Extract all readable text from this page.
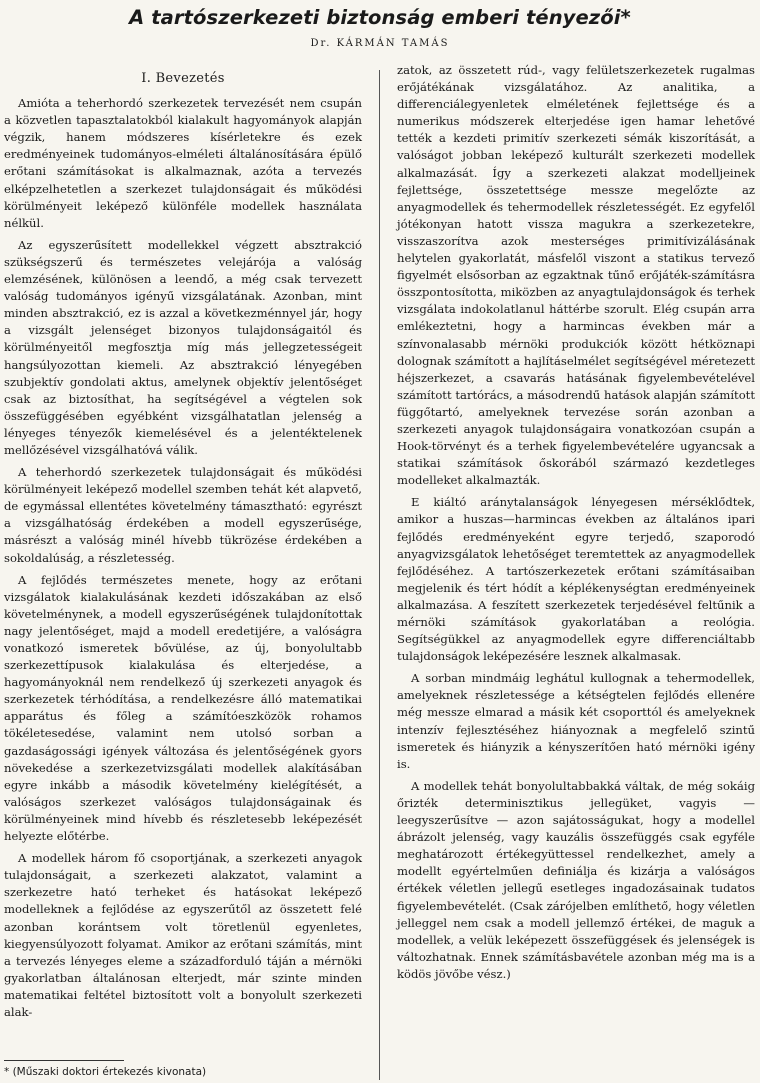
A tartószerkezeti biztonság emberi tényezői*
Dr. KÁRMÁN TAMÁS
I. Bevezetés

Amióta a teherhordó szerkezetek tervezését nem csupán a közvetlen tapasztalatokból kialakult hagyományok alapján végzik, hanem módszeres kísérletekre és ezek eredményeinek tudományos-elméleti általánosítására épülő erőtani számításokat is alkalmaznak, azóta a tervezés elképzelhetetlen a szerkezet tulajdonságait és működési körülményeit leképező különféle modellek használata nélkül.

Az egyszerűsített modellekkel végzett absztrakció szükségszerű és természetes velejárója a valóság elemzésének, különösen a leendő, a még csak tervezett valóság tudományos igényű vizsgálatának. Azonban, mint minden absztrakció, ez is azzal a következménnyel jár, hogy a vizsgált jelenséget bizonyos tulajdonságaitól és körülményeitől megfosztja míg más jellegzetességeit hangsúlyozottan kiemeli. Az absztrakció lényegében szubjektív gondolati aktus, amelynek objektív jelentőséget csak az biztosíthat, ha segítségével a végtelen sok összefüggésében egyébként vizsgálhatatlan jelenség a lényeges tényezők kiemelésével és a jelentéktelenek mellőzésével vizsgálhatóvá válik.

A teherhordó szerkezetek tulajdonságait és működési körülményeit leképező modellel szemben tehát két alapvető, de egymással ellentétes követelmény támasztható: egyrészt a vizsgálhatóság érdekében a modell egyszerűsége, másrészt a valóság minél hívebb tükrözése érdekében a sokoldalúság, a részletesség.

A fejlődés természetes menete, hogy az erőtani vizsgálatok kialakulásának kezdeti időszakában az első követelménynek, a modell egyszerűségének tulajdonítottak nagy jelentőséget, majd a modell eredetijére, a valóságra vonatkozó ismeretek bővülése, az új, bonyolultabb szerkezettípusok kialakulása és elterjedése, a hagyományoknál nem rendelkező új szerkezeti anyagok és szerkezetek térhódítása, a rendelkezésre álló matematikai apparátus és főleg a számítóeszközök rohamos tökéletesedése, valamint nem utolsó sorban a gazdaságossági igények változása és jelentőségének gyors növekedése a szerkezetvizsgálati modellek alakításában egyre inkább a második követelmény kielégítését, a valóságos szerkezet valóságos tulajdonságainak és körülményeinek mind hívebb és részletesebb leképezését helyezte előtérbe.

A modellek három fő csoportjának, a szerkezeti anyagok tulajdonságait, a szerkezeti alakzatot, valamint a szerkezetre ható terheket és hatásokat leképező modelleknek a fejlődése az egyszerűtől az összetett felé azonban korántsem volt töretlenül egyenletes, kiegyensúlyozott folyamat. Amikor az erőtani számítás, mint a tervezés lényeges eleme a századforduló táján a mérnöki gyakorlatban általánosan elterjedt, már szinte minden matematikai feltétel biztosított volt a bonyolult szerkezeti alak-

zatok, az összetett rúd-, vagy felületszerkezetek rugalmas erőjátékának vizsgálatához. Az analitika, a differenciálegyenletek elméletének fejlettsége és a numerikus módszerek elterjedése igen hamar lehetővé tették a kezdeti primitív szerkezeti sémák kiszorítását, a valóságot jobban leképező kulturált szerkezeti modellek alkalmazását. Így a szerkezeti alakzat modelljeinek fejlettsége, összetettsége messze megelőzte az anyagmodellek és tehermodellek részletességét. Ez egyfelől jótékonyan hatott vissza magukra a szerkezetekre, visszaszorítva azok mesterséges primitívizálásának helytelen gyakorlatát, másfelől viszont a statikus tervező figyelmét elsősorban az egzaktnak tűnő erőjáték-számításra összpontosította, miközben az anyagtulajdonságok és terhek vizsgálata indokolatlanul háttérbe szorult. Elég csupán arra emlékeztetni, hogy a harmincas években már a színvonalasabb mérnöki produkciók között hétköznapi dolognak számított a hajlításelmélet segítségével méretezett héjszerkezet, a csavarás hatásának figyelembevételével számított tartórács, a másodrendű hatások alapján számított függőtartó, amelyeknek tervezése során azonban a szerkezeti anyagok tulajdonságaira vonatkozóan csupán a Hook-törvényt és a terhek figyelembevételére ugyancsak a statikai számítások őskorából származó kezdetleges modelleket alkalmazták.

E kiáltó aránytalanságok lényegesen mérséklődtek, amikor a huszas—harmincas években az általános ipari fejlődés eredményeként egyre terjedő, szaporodó anyagvizsgálatok lehetőséget teremtettek az anyagmodellek fejlődéséhez. A tartószerkezetek erőtani számításaiban megjelenik és tért hódít a képlékenységtan eredményeinek alkalmazása. A feszített szerkezetek terjedésével feltűnik a mérnöki számítások gyakorlatában a reológia. Segítségükkel az anyagmodellek egyre differenciáltabb tulajdonságok leképezésére lesznek alkalmasak.

A sorban mindmáig leghátul kullognak a tehermodellek, amelyeknek részletessége a kétségtelen fejlődés ellenére még messze elmarad a másik két csoporttól és amelyeknek intenzív fejlesztéséhez hiányoznak a megfelelő szintű ismeretek és hiányzik a kényszerítően ható mérnöki igény is.

A modellek tehát bonyolultabbakká váltak, de még sokáig őrizték determinisztikus jellegüket, vagyis — leegyszerűsítve — azon sajátosságukat, hogy a modellel ábrázolt jelenség, vagy kauzális összefüggés csak egyféle meghatározott értékegyüttessel rendelkezhet, amely a modellt egyértelműen definiálja és kizárja a valóságos értékek véletlen jellegű esetleges ingadozásainak tudatos figyelembevételét. (Csak zárójelben említhető, hogy véletlen jelleggel nem csak a modell jellemző értékei, de maguk a modellek, a velük leképezett összefüggések és jelenségek is változhatnak. Ennek számításbavétele azonban még ma is a ködös jövőbe vész.)

* (Műszaki doktori értekezés kivonata)
